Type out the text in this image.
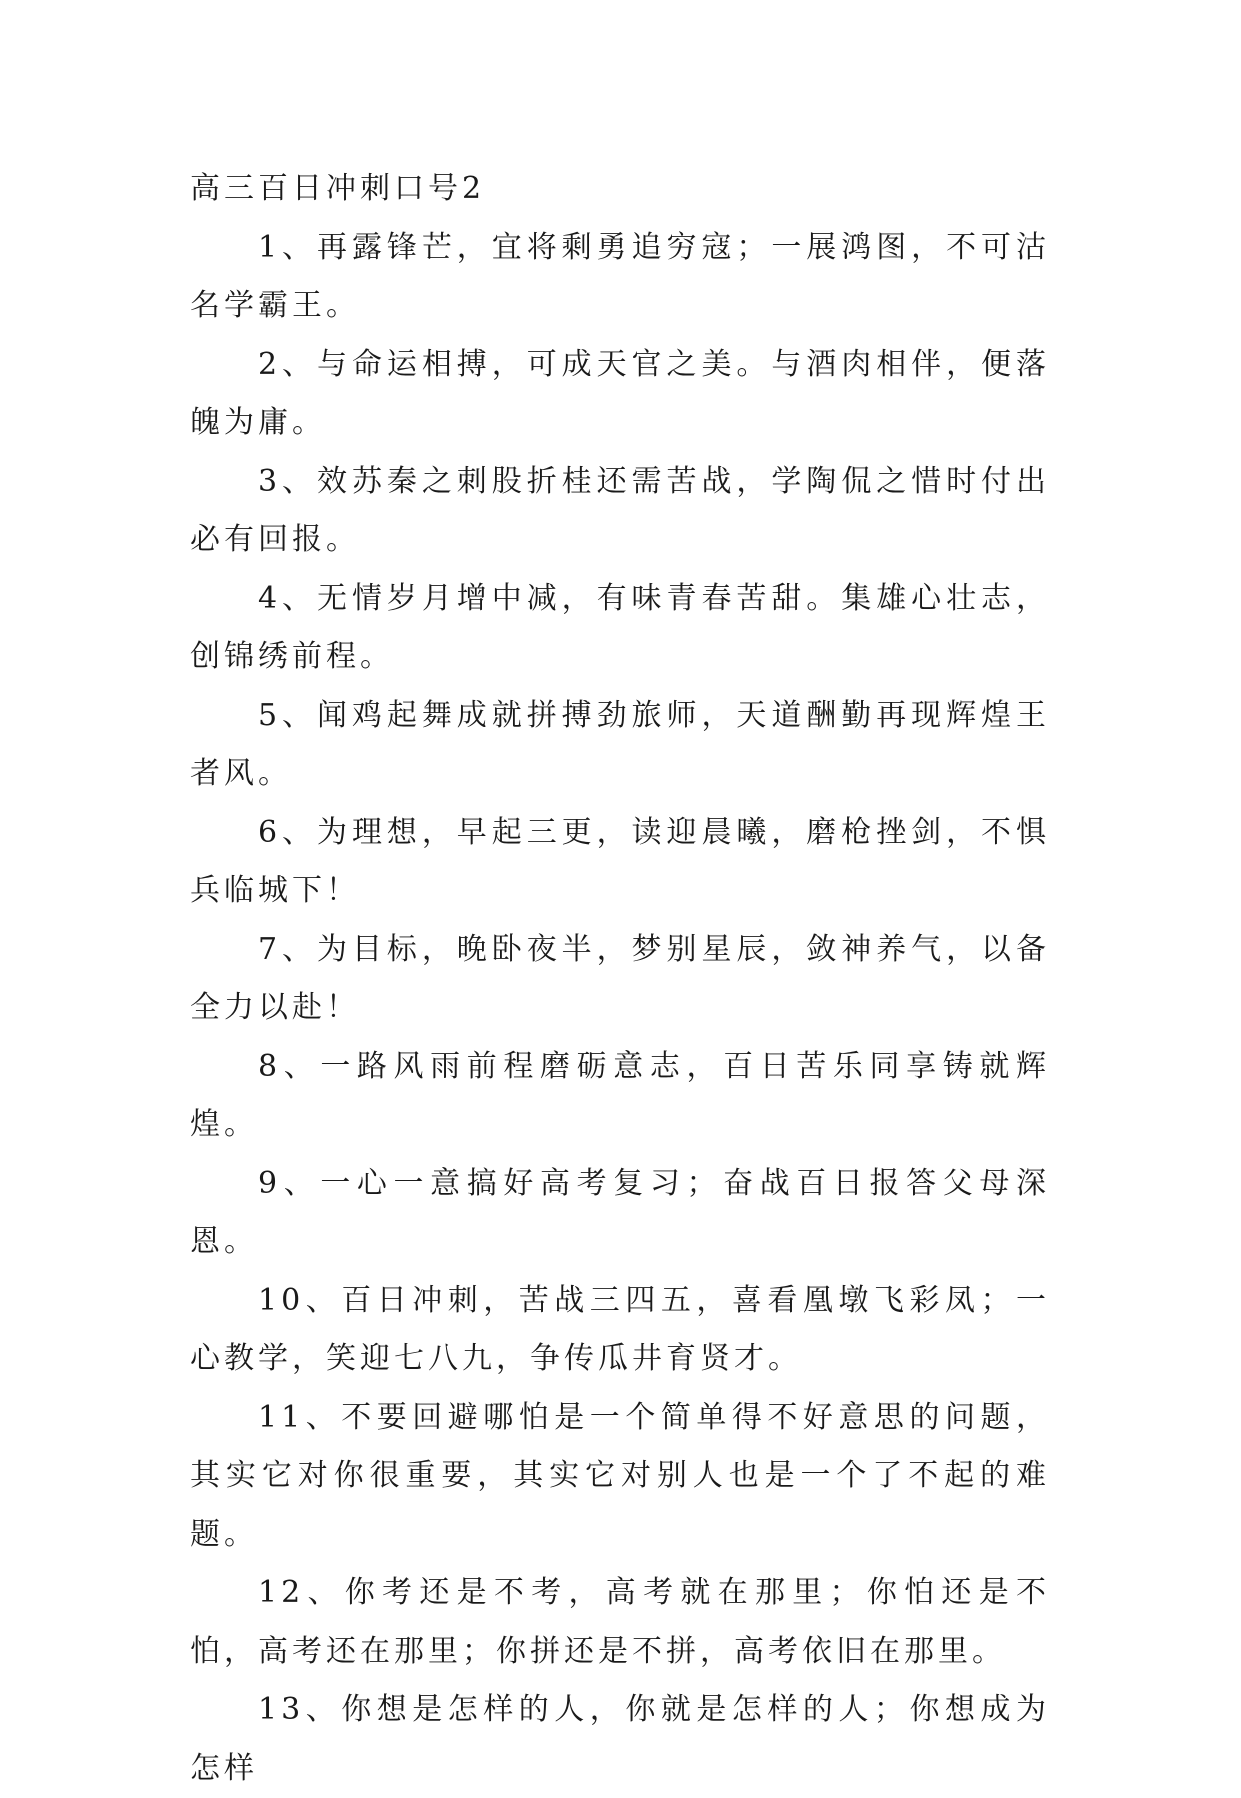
高三百日冲刺口号2

1、再露锋芒，宜将剩勇追穷寇；一展鸿图，不可沽名学霸王。

2、与命运相搏，可成天官之美。与酒肉相伴，便落魄为庸。

3、效苏秦之刺股折桂还需苦战，学陶侃之惜时付出必有回报。

4、无情岁月增中减，有味青春苦甜。集雄心壮志，创锦绣前程。

5、闻鸡起舞成就拼搏劲旅师，天道酬勤再现辉煌王者风。

6、为理想，早起三更，读迎晨曦，磨枪挫剑，不惧兵临城下！

7、为目标，晚卧夜半，梦别星辰，敛神养气，以备全力以赴！

8、一路风雨前程磨砺意志，百日苦乐同享铸就辉煌。

9、一心一意搞好高考复习；奋战百日报答父母深恩。

10、百日冲刺，苦战三四五，喜看凰墩飞彩凤；一心教学，笑迎七八九，争传瓜井育贤才。

11、不要回避哪怕是一个简单得不好意思的问题，其实它对你很重要，其实它对别人也是一个了不起的难题。

12、你考还是不考，高考就在那里；你怕还是不怕，高考还在那里；你拼还是不拼，高考依旧在那里。

13、你想是怎样的人，你就是怎样的人；你想成为怎样
